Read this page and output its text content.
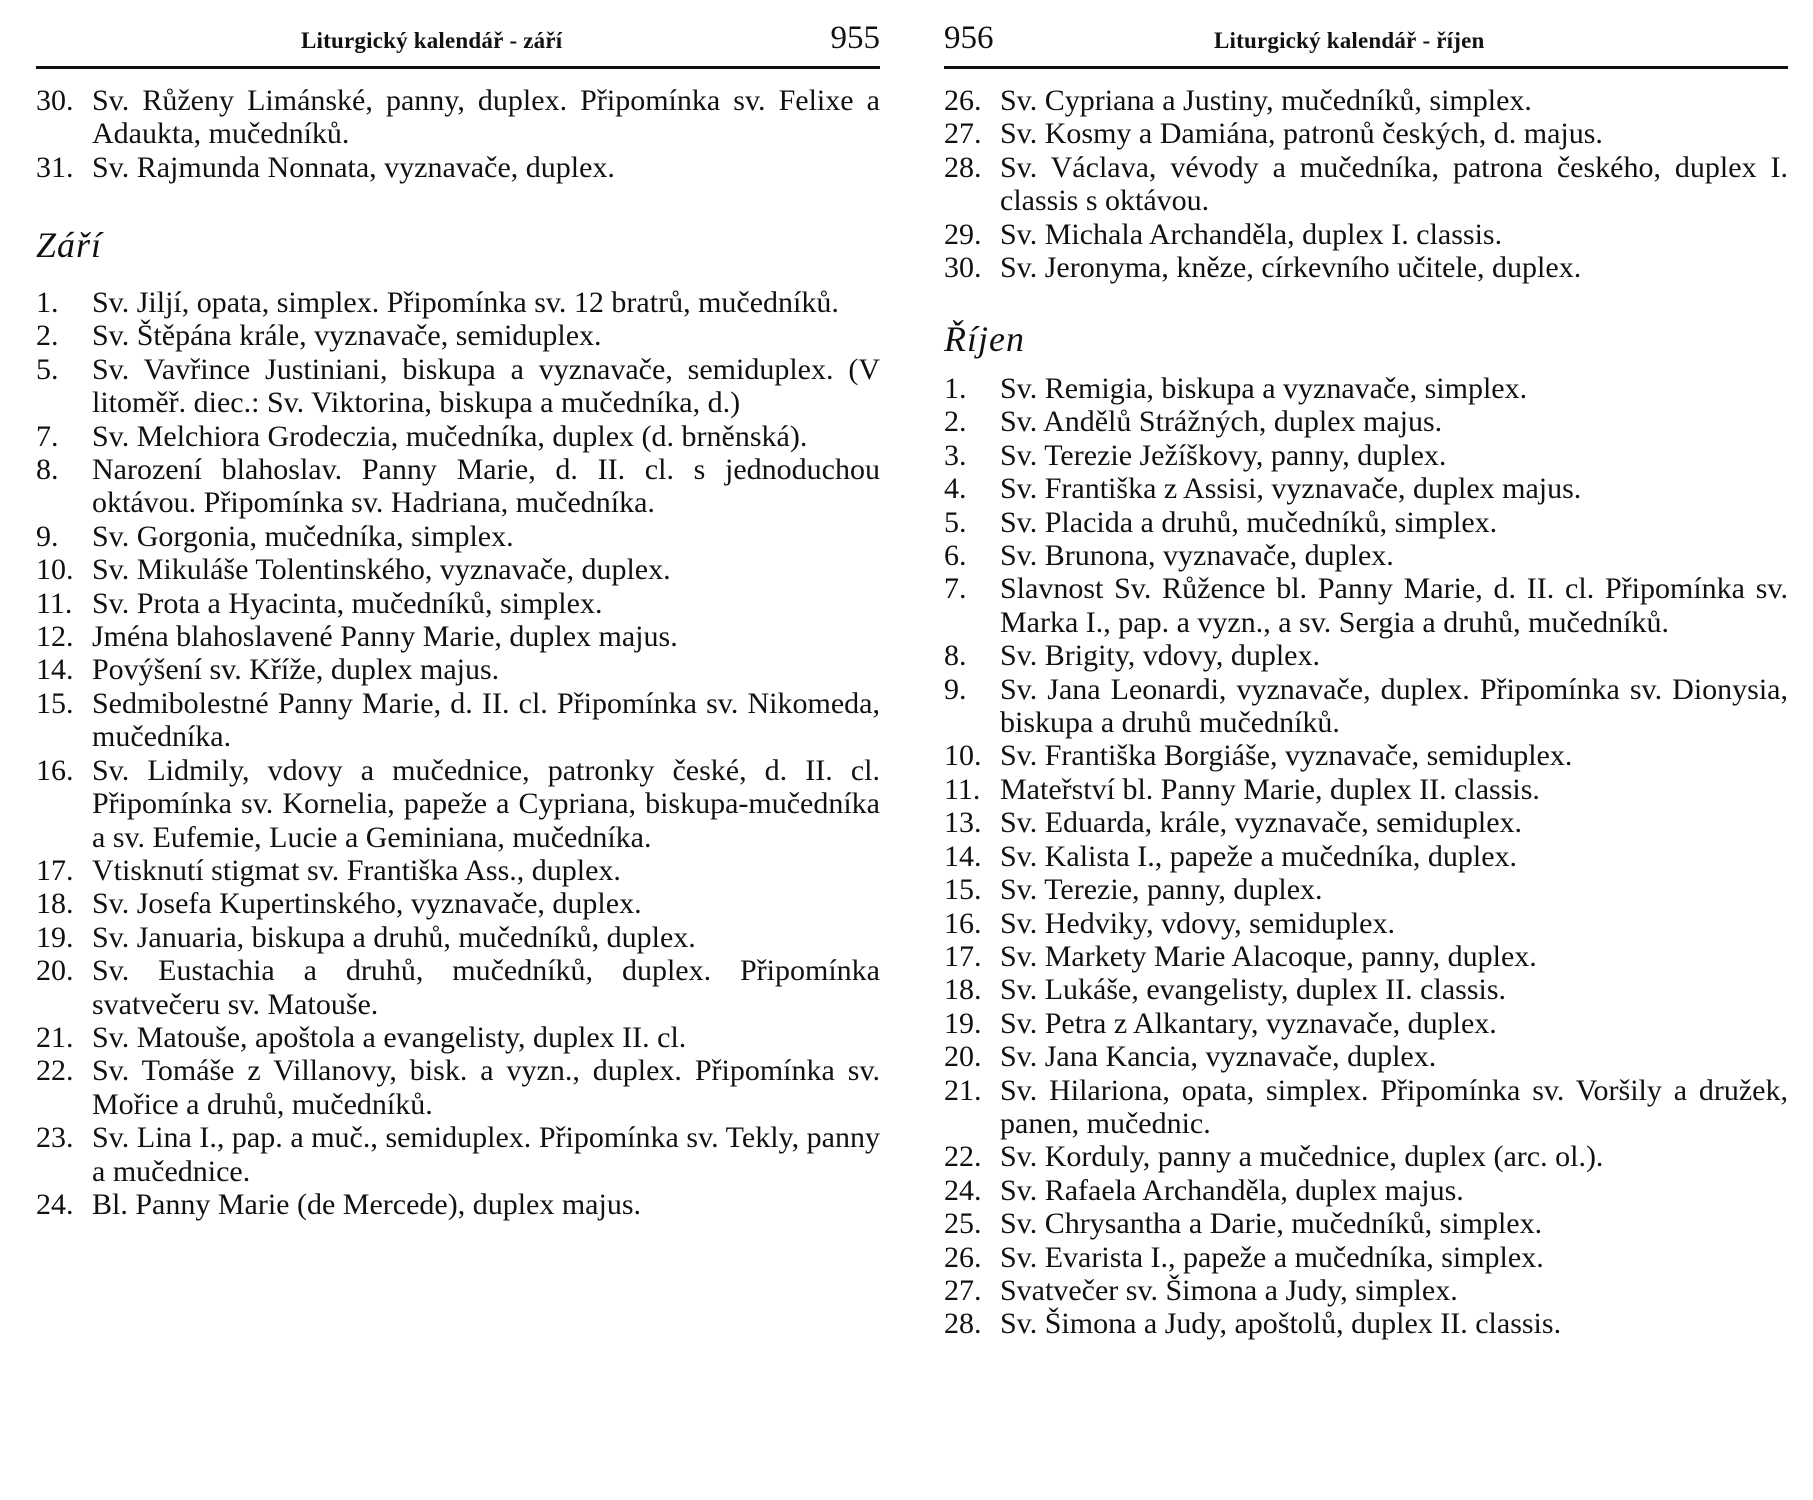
Liturgický kalendář - září	955
30. Sv. Růženy Limánské, panny, duplex. Připomínka sv. Felixe a Adaukta, mučedníků.
31. Sv. Rajmunda Nonnata, vyznavače, duplex.
Září
1.	Sv. Jiljí, opata, simplex. Připomínka sv. 12 bratrů, mučedníků.
2.	Sv. Štěpána krále, vyznavače, semiduplex.
5.	Sv. Vavřince Justiniani, biskupa a vyznavače, semiduplex. (V litoměř. diec.: Sv. Viktorina, biskupa a mučedníka, d.)
7.	Sv. Melchiora Grodeczia, mučedníka, duplex (d. brněnská).
8.	Narození blahoslav. Panny Marie, d. II. cl. s jednoduchou oktávou. Připomínka sv. Hadriana, mučedníka.
9.	Sv. Gorgonia, mučedníka, simplex.
10. Sv. Mikuláše Tolentinského, vyznavače, duplex.
11. Sv. Prota a Hyacinta, mučedníků, simplex.
12. Jména blahoslavené Panny Marie, duplex majus.
14. Povýšení sv. Kříže, duplex majus.
15. Sedmibolestné Panny Marie, d. II. cl. Připomínka sv. Nikomeda, mučedníka.
16. Sv. Lidmily, vdovy a mučednice, patronky české, d. II. cl. Připomínka sv. Kornelia, papeže a Cypriana, biskupa-mučedníka a sv. Eufemie, Lucie a Geminiana, mučedníka.
17. Vtisknutí stigmat sv. Františka Ass., duplex.
18. Sv. Josefa Kupertinského, vyznavače, duplex.
19. Sv. Januaria, biskupa a druhů, mučedníků, duplex.
20. Sv. Eustachia a druhů, mučedníků, duplex. Připomínka svatvečeru sv. Matouše.
21. Sv. Matouše, apoštola a evangelisty, duplex II. cl.
22. Sv. Tomáše z Villanovy, bisk. a vyzn., duplex. Připomínka sv. Mořice a druhů, mučedníků.
23. Sv. Lina I., pap. a muč., semiduplex. Připomínka sv. Tekly, panny a mučednice.
24. Bl. Panny Marie (de Mercede), duplex majus.
956	Liturgický kalendář - říjen
26. Sv. Cypriana a Justiny, mučedníků, simplex.
27. Sv. Kosmy a Damiána, patronů českých, d. majus.
28. Sv. Václava, vévody a mučedníka, patrona českého, duplex I. classis s oktávou.
29. Sv. Michala Archanděla, duplex I. classis.
30. Sv. Jeronyma, kněze, církevního učitele, duplex.
Říjen
1.	Sv. Remigia, biskupa a vyznavače, simplex.
2.	Sv. Andělů Strážných, duplex majus.
3.	Sv. Terezie Ježíškovy, panny, duplex.
4.	Sv. Františka z Assisi, vyznavače, duplex majus.
5.	Sv. Placida a druhů, mučedníků, simplex.
6.	Sv. Brunona, vyznavače, duplex.
7.	Slavnost Sv. Růžence bl. Panny Marie, d. II. cl. Připomínka sv. Marka I., pap. a vyzn., a sv. Sergia a druhů, mučedníků.
8.	Sv. Brigity, vdovy, duplex.
9.	Sv. Jana Leonardi, vyznavače, duplex. Připomínka sv. Dionysia, biskupa a druhů mučedníků.
10. Sv. Františka Borgiáše, vyznavače, semiduplex.
11. Mateřství bl. Panny Marie, duplex II. classis.
13. Sv. Eduarda, krále, vyznavače, semiduplex.
14. Sv. Kalista I., papeže a mučedníka, duplex.
15. Sv. Terezie, panny, duplex.
16. Sv. Hedviky, vdovy, semiduplex.
17. Sv. Markety Marie Alacoque, panny, duplex.
18. Sv. Lukáše, evangelisty, duplex II. classis.
19. Sv. Petra z Alkantary, vyznavače, duplex.
20. Sv. Jana Kancia, vyznavače, duplex.
21. Sv. Hilariona, opata, simplex. Připomínka sv. Voršily a družek, panen, mučednic.
22. Sv. Korduly, panny a mučednice, duplex (arc. ol.).
24. Sv. Rafaela Archanděla, duplex majus.
25. Sv. Chrysantha a Darie, mučedníků, simplex.
26. Sv. Evarista I., papeže a mučedníka, simplex.
27. Svatvečer sv. Šimona a Judy, simplex.
28. Sv. Šimona a Judy, apoštolů, duplex II. classis.
